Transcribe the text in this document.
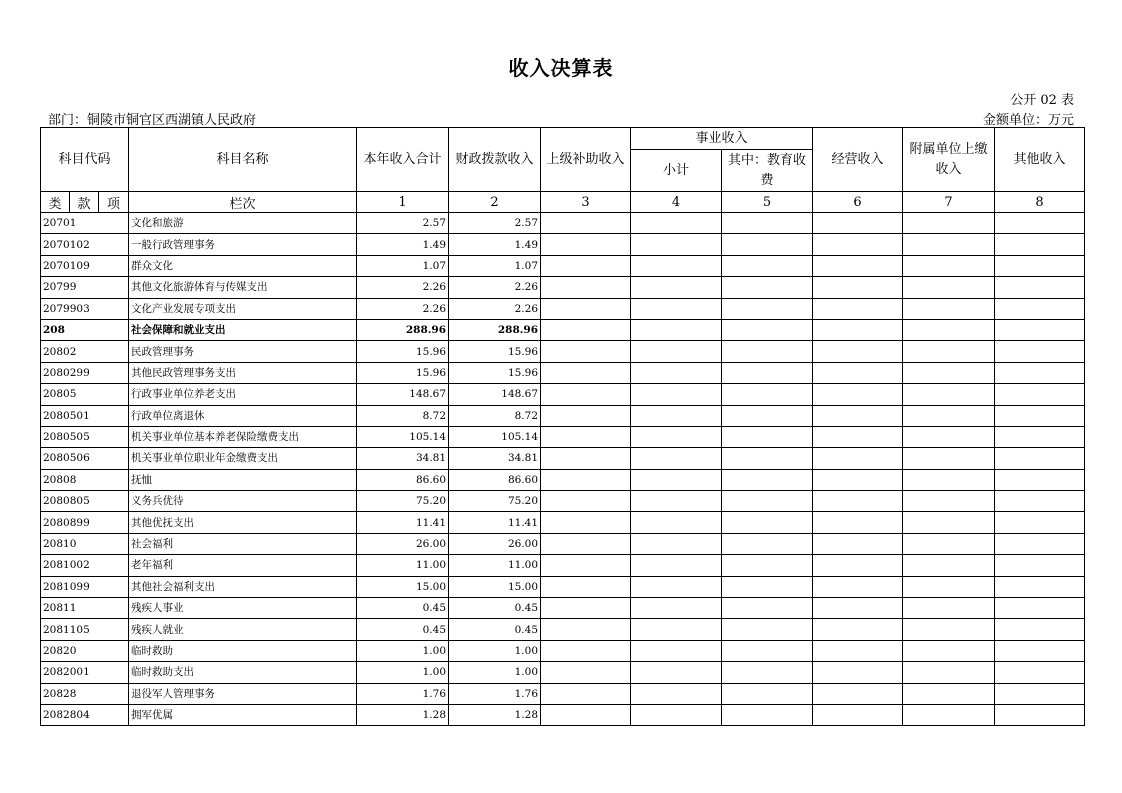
收入决算表
公开 02 表
部门：铜陵市铜官区西湖镇人民政府	金额单位：万元
科目代码			科目名称	本年收入合计	财政拨款收入	上级补助收入	事业收入		经营收入	附属单位上缴收入	其他收入
							小计	其中：教育收费			
类	款	项	栏次	1	2	3	4	5	6	7	8
20701			文化和旅游	2.57	2.57						
2070102			一般行政管理事务	1.49	1.49						
2070109			群众文化	1.07	1.07						
20799			其他文化旅游体育与传媒支出	2.26	2.26						
2079903			文化产业发展专项支出	2.26	2.26						
208			社会保障和就业支出	288.96	288.96						
20802			民政管理事务	15.96	15.96						
2080299			其他民政管理事务支出	15.96	15.96						
20805			行政事业单位养老支出	148.67	148.67						
2080501			行政单位离退休	8.72	8.72						
2080505			机关事业单位基本养老保险缴费支出	105.14	105.14						
2080506			机关事业单位职业年金缴费支出	34.81	34.81						
20808			抚恤	86.60	86.60						
2080805			义务兵优待	75.20	75.20						
2080899			其他优抚支出	11.41	11.41						
20810			社会福利	26.00	26.00						
2081002			老年福利	11.00	11.00						
2081099			其他社会福利支出	15.00	15.00						
20811			残疾人事业	0.45	0.45						
2081105			残疾人就业	0.45	0.45						
20820			临时救助	1.00	1.00						
2082001			临时救助支出	1.00	1.00						
20828			退役军人管理事务	1.76	1.76						
2082804			拥军优属	1.28	1.28						
